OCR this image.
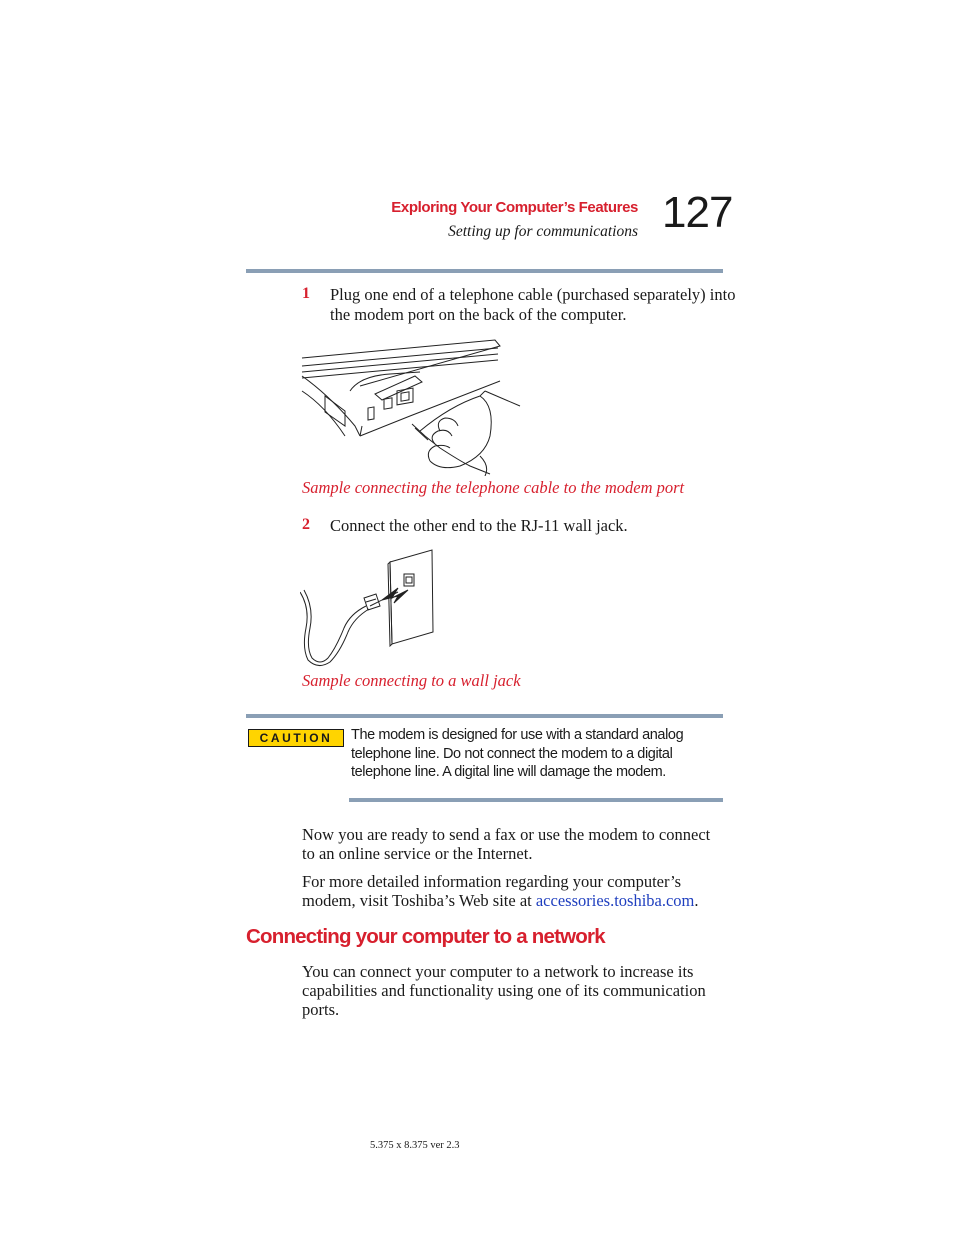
Exploring Your Computer’s Features
Setting up for communications 127
1 Plug one end of a telephone cable (purchased separately) into
the modem port on the back of the computer.
Sample connecting the telephone cable to the modem port
2 Connect the other end to the RJ-11 wall jack.
Sample connecting to a wall jack
CAUTION	The modem is designed for use with a standard analog
telephone line. Do not connect the modem to a digital
telephone line. A digital line will damage the modem.
Now you are ready to send a fax or use the modem to connect
to an online service or the Internet.
For more detailed information regarding your computer’s
modem, visit Toshiba’s Web site at accessories.toshiba.com.
Connecting your computer to a network
You can connect your computer to a network to increase its
capabilities and functionality using one of its communication
ports.
5.375 x 8.375 ver 2.3
